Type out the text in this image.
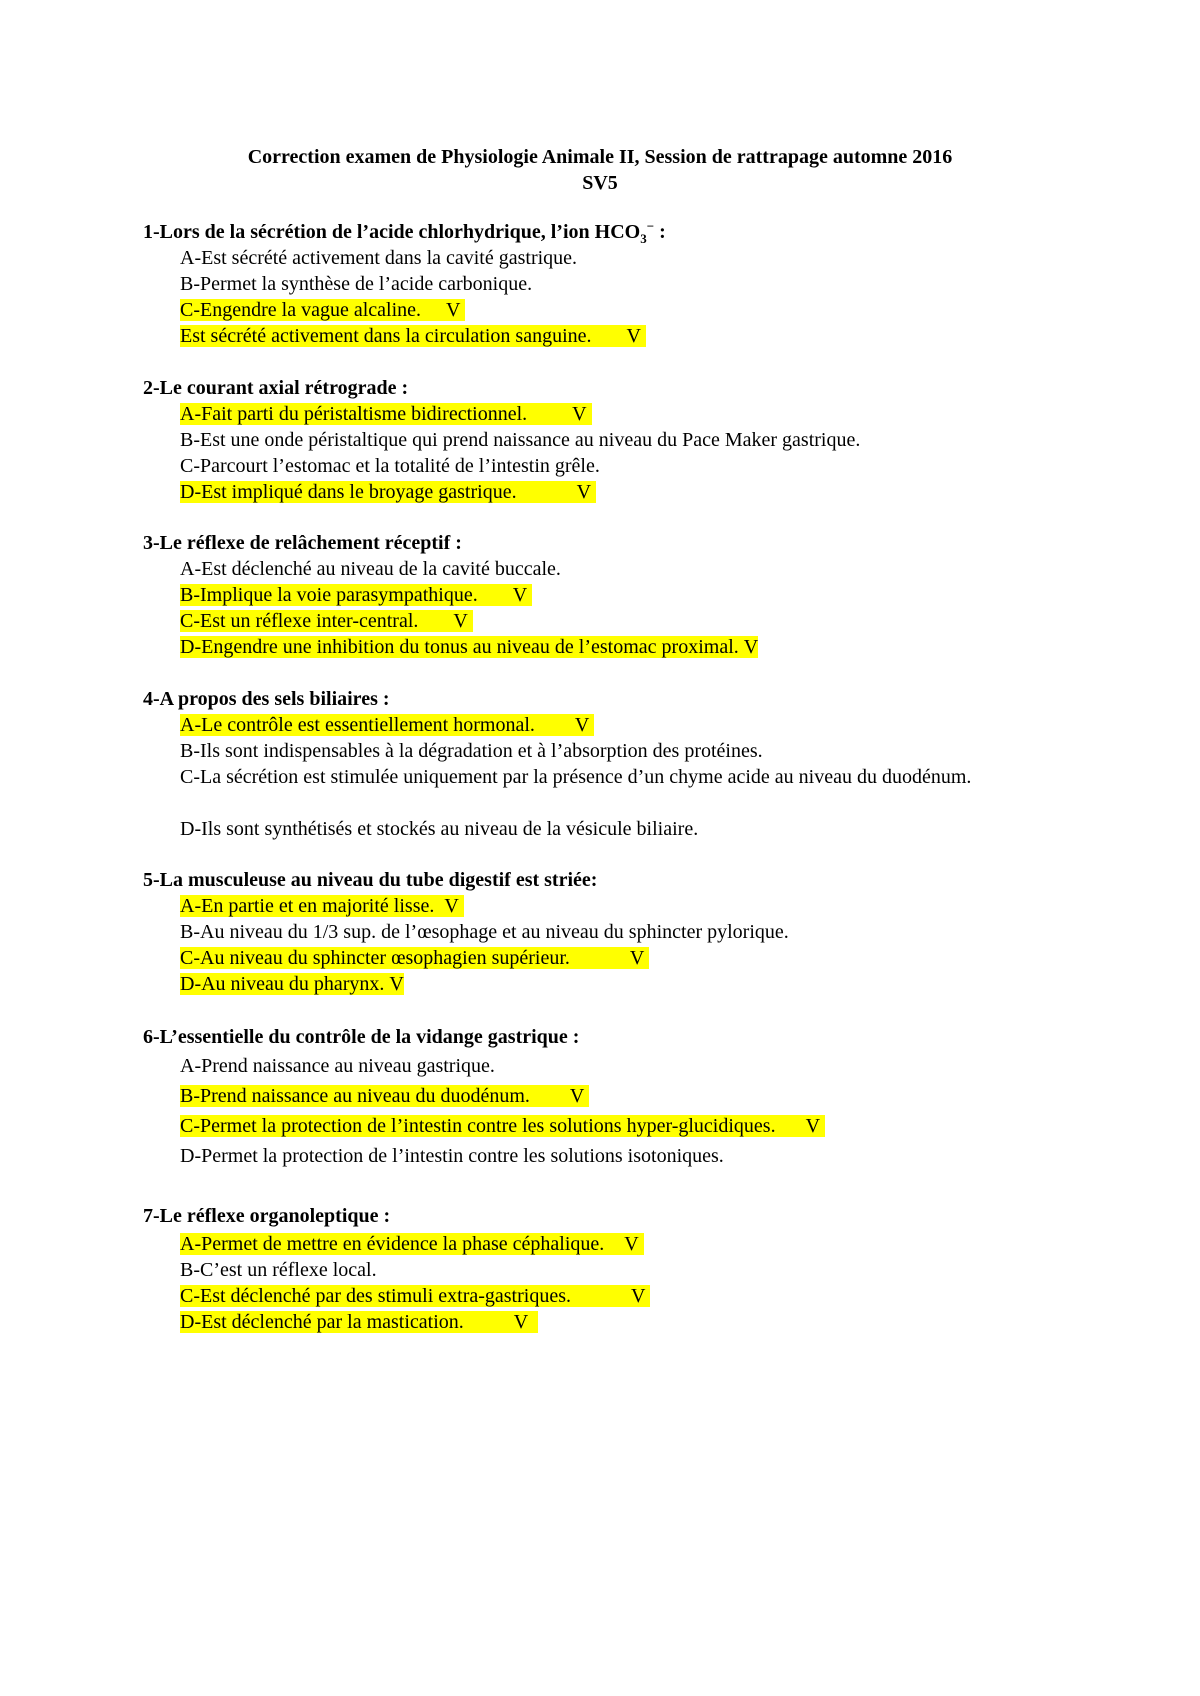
Correction examen de Physiologie Animale II, Session de rattrapage automne 2016
SV5
1-Lors de la sécrétion de l’acide chlorhydrique, l’ion $HCO_3^-$ :
A-Est sécrété activement dans la cavité gastrique.
B-Permet la synthèse de l’acide carbonique.
C-Engendre la vague alcaline. V
Est sécrété activement dans la circulation sanguine. V
2-Le courant axial rétrograde :
A-Fait parti du péristaltisme bidirectionnel. V
B-Est une onde péristaltique qui prend naissance au niveau du Pace Maker gastrique.
C-Parcourt l’estomac et la totalité de l’intestin grêle.
D-Est impliqué dans le broyage gastrique.	V
3-Le réflexe de relâchement réceptif :
A-Est déclenché au niveau de la cavité buccale.
B-Implique la voie parasympathique. V
C-Est un réflexe inter-central. V
D-Engendre une inhibition du tonus au niveau de l’estomac proximal. V
4-A propos des sels biliaires :
A-Le contrôle est essentiellement hormonal. V
B-Ils sont indispensables à la dégradation et à l’absorption des protéines.
C-La sécrétion est stimulée uniquement par la présence d’un chyme acide au niveau du duodénum.
D-Ils sont synthétisés et stockés au niveau de la vésicule biliaire.
5-La musculeuse au niveau du tube digestif est striée:
A-En partie et en majorité lisse. V
B-Au niveau du 1/3 sup. de l’œsophage et au niveau du sphincter pylorique.
C-Au niveau du sphincter œsophagien supérieur.	V
D-Au niveau du pharynx. V
6-L’essentielle du contrôle de la vidange gastrique :
A-Prend naissance au niveau gastrique.
B-Prend naissance au niveau du duodénum. V
C-Permet la protection de l’intestin contre les solutions hyper-glucidiques. V
D-Permet la protection de l’intestin contre les solutions isotoniques.
7-Le réflexe organoleptique :
A-Permet de mettre en évidence la phase céphalique. V
B-C’est un réflexe local.
C-Est déclenché par des stimuli extra-gastriques.	V
D-Est déclenché par la mastication.	V
